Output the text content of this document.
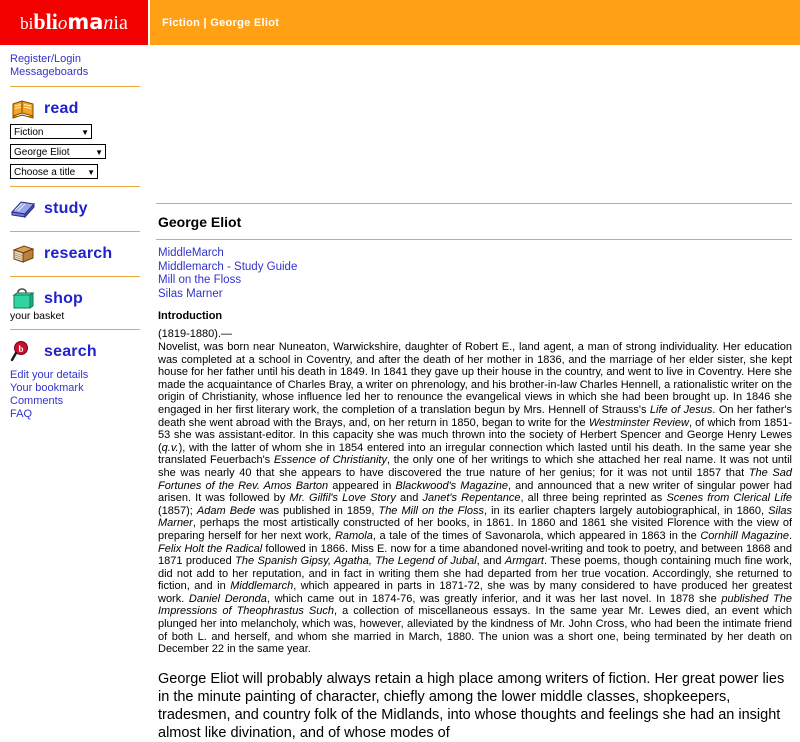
bibliomania	Fiction | George Eliot
Register/Login
Messageboards
read
Fiction	▼
George Eliot	▼
Choose a title ▼
study
research
shop
your basket
b search
Edit your details
Your bookmark
Comments
FAQ
George Eliot
MiddleMarch
Middlemarch - Study Guide
Mill on the Floss
Silas Marner
Introduction
(1819-1880).—
Novelist, was born near Nuneaton, Warwickshire, daughter of Robert E., land agent, a man of strong individuality. Her education was completed at a school in Coventry, and after the death of her mother in 1836, and the marriage of her elder sister, she kept house for her father until his death in 1849. In 1841 they gave up their house in the country, and went to live in Coventry. Here she made the acquaintance of Charles Bray, a writer on phrenology, and his brother-in-law Charles Hennell, a rationalistic writer on the origin of Christianity, whose influence led her to renounce the evangelical views in which she had been brought up. In 1846 she engaged in her first literary work, the completion of a translation begun by Mrs. Hennell of Strauss's Life of Jesus. On her father's death she went abroad with the Brays, and, on her return in 1850, began to write for the Westminster Review, of which from 1851-53 she was assistant-editor. In this capacity she was much thrown into the society of Herbert Spencer and George Henry Lewes (q.v.), with the latter of whom she in 1854 entered into an irregular connection which lasted until his death. In the same year she translated Feuerbach's Essence of Christianity, the only one of her writings to which she attached her real name. It was not until she was nearly 40 that she appears to have discovered the true nature of her genius; for it was not until 1857 that The Sad Fortunes of the Rev. Amos Barton appeared in Blackwood's Magazine, and announced that a new writer of singular power had arisen. It was followed by Mr. Gilfil's Love Story and Janet's Repentance, all three being reprinted as Scenes from Clerical Life (1857); Adam Bede was published in 1859, The Mill on the Floss, in its earlier chapters largely autobiographical, in 1860, Silas Marner, perhaps the most artistically constructed of her books, in 1861. In 1860 and 1861 she visited Florence with the view of preparing herself for her next work, Ramola, a tale of the times of Savonarola, which appeared in 1863 in the Cornhill Magazine. Felix Holt the Radical followed in 1866. Miss E. now for a time abandoned novel-writing and took to poetry, and between 1868 and 1871 produced The Spanish Gipsy, Agatha, The Legend of Jubal, and Armgart. These poems, though containing much fine work, did not add to her reputation, and in fact in writing them she had departed from her true vocation. Accordingly, she returned to fiction, and in Middlemarch, which appeared in parts in 1871-72, she was by many considered to have produced her greatest work. Daniel Deronda, which came out in 1874-76, was greatly inferior, and it was her last novel. In 1878 she published The Impressions of Theophrastus Such, a collection of miscellaneous essays. In the same year Mr. Lewes died, an event which plunged her into melancholy, which was, however, alleviated by the kindness of Mr. John Cross, who had been the intimate friend of both L. and herself, and whom she married in March, 1880. The union was a short one, being terminated by her death on December 22 in the same year.
George Eliot will probably always retain a high place among writers of fiction. Her great power lies in the minute painting of character, chiefly among the lower middle classes, shopkeepers, tradesmen, and country folk of the Midlands, into whose thoughts and feelings she had an insight almost like divination, and of whose modes of
